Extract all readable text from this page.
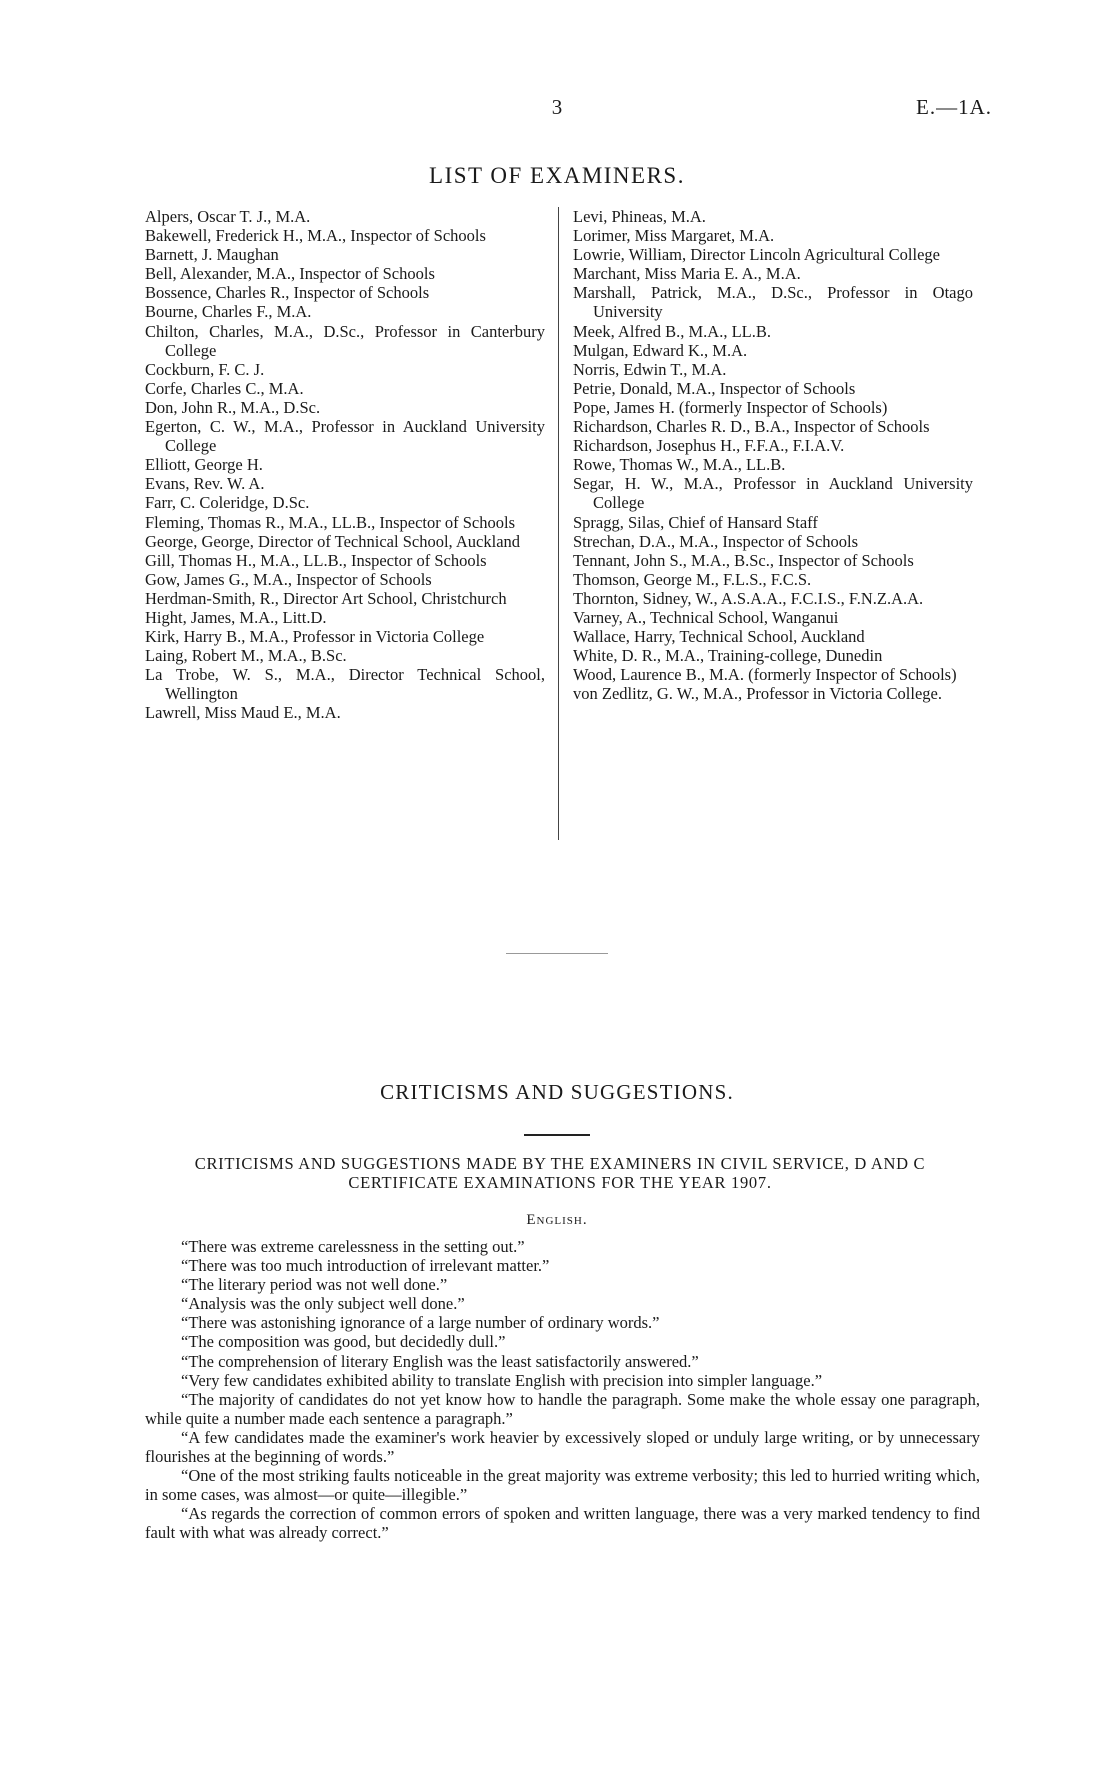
3	E.—1A.
LIST OF EXAMINERS.
Alpers, Oscar T. J., M.A.
Bakewell, Frederick H., M.A., Inspector of Schools
Barnett, J. Maughan
Bell, Alexander, M.A., Inspector of Schools
Bossence, Charles R., Inspector of Schools
Bourne, Charles F., M.A.
Chilton, Charles, M.A., D.Sc., Professor in Canterbury College
Cockburn, F. C. J.
Corfe, Charles C., M.A.
Don, John R., M.A., D.Sc.
Egerton, C. W., M.A., Professor in Auckland University College
Elliott, George H.
Evans, Rev. W. A.
Farr, C. Coleridge, D.Sc.
Fleming, Thomas R., M.A., LL.B., Inspector of Schools
George, George, Director of Technical School, Auckland
Gill, Thomas H., M.A., LL.B., Inspector of Schools
Gow, James G., M.A., Inspector of Schools
Herdman-Smith, R., Director Art School, Christchurch
Hight, James, M.A., Litt.D.
Kirk, Harry B., M.A., Professor in Victoria College
Laing, Robert M., M.A., B.Sc.
La Trobe, W. S., M.A., Director Technical School, Wellington
Lawrell, Miss Maud E., M.A.
Levi, Phineas, M.A.
Lorimer, Miss Margaret, M.A.
Lowrie, William, Director Lincoln Agricultural College
Marchant, Miss Maria E. A., M.A.
Marshall, Patrick, M.A., D.Sc., Professor in Otago University
Meek, Alfred B., M.A., LL.B.
Mulgan, Edward K., M.A.
Norris, Edwin T., M.A.
Petrie, Donald, M.A., Inspector of Schools
Pope, James H. (formerly Inspector of Schools)
Richardson, Charles R. D., B.A., Inspector of Schools
Richardson, Josephus H., F.F.A., F.I.A.V.
Rowe, Thomas W., M.A., LL.B.
Segar, H. W., M.A., Professor in Auckland University College
Spragg, Silas, Chief of Hansard Staff
Strechan, D.A., M.A., Inspector of Schools
Tennant, John S., M.A., B.Sc., Inspector of Schools
Thomson, George M., F.L.S., F.C.S.
Thornton, Sidney, W., A.S.A.A., F.C.I.S., F.N.Z.A.A.
Varney, A., Technical School, Wanganui
Wallace, Harry, Technical School, Auckland
White, D. R., M.A., Training-college, Dunedin
Wood, Laurence B., M.A. (formerly Inspector of Schools)
von Zedlitz, G. W., M.A., Professor in Victoria College.
CRITICISMS AND SUGGESTIONS.
CRITICISMS AND SUGGESTIONS MADE BY THE EXAMINERS IN CIVIL SERVICE, D AND C CERTIFICATE EXAMINATIONS FOR THE YEAR 1907.
English.
“There was extreme carelessness in the setting out.”
“There was too much introduction of irrelevant matter.”
“The literary period was not well done.”
“Analysis was the only subject well done.”
“There was astonishing ignorance of a large number of ordinary words.”
“The composition was good, but decidedly dull.”
“The comprehension of literary English was the least satisfactorily answered.”
“Very few candidates exhibited ability to translate English with precision into simpler language.”
“The majority of candidates do not yet know how to handle the paragraph. Some make the whole essay one paragraph, while quite a number made each sentence a paragraph.”
“A few candidates made the examiner's work heavier by excessively sloped or unduly large writing, or by unnecessary flourishes at the beginning of words.”
“One of the most striking faults noticeable in the great majority was extreme verbosity; this led to hurried writing which, in some cases, was almost—or quite—illegible.”
“As regards the correction of common errors of spoken and written language, there was a very marked tendency to find fault with what was already correct.”
